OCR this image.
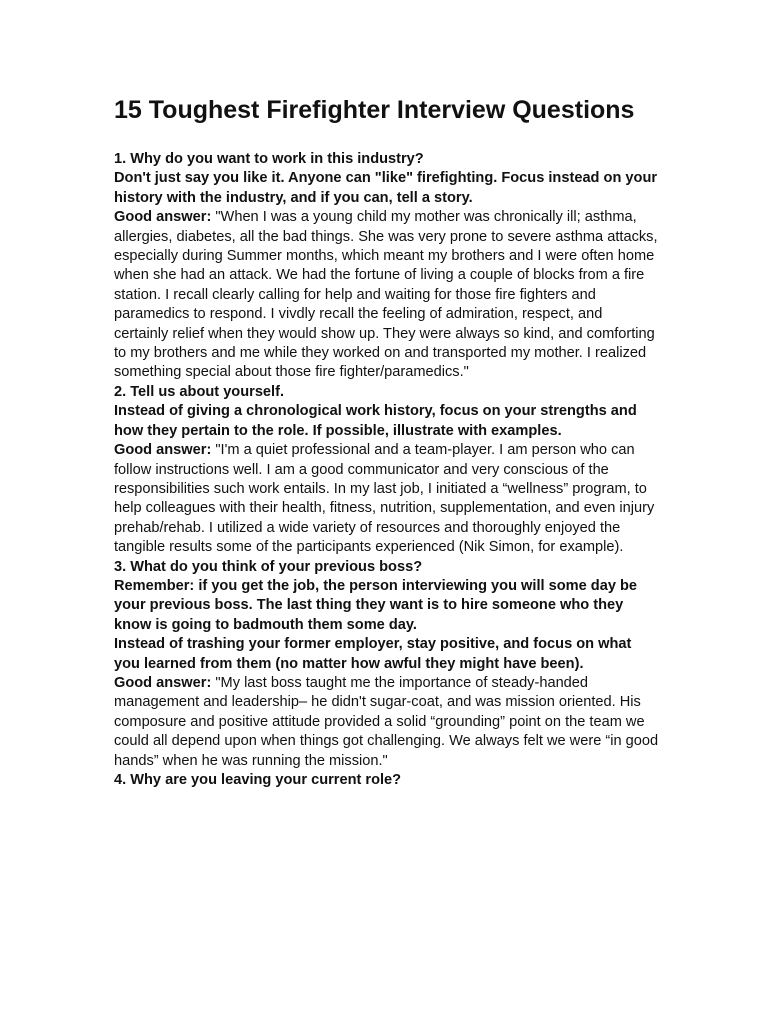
15 Toughest Firefighter Interview Questions

1. Why do you want to work in this industry?

Don't just say you like it. Anyone can "like" firefighting. Focus instead on your history with the industry, and if you can, tell a story.

Good answer: "When I was a young child my mother was chronically ill; asthma, allergies, diabetes, all the bad things. She was very prone to severe asthma attacks, especially during Summer months, which meant my brothers and I were often home when she had an attack. We had the fortune of living a couple of blocks from a fire station. I recall clearly calling for help and waiting for those fire fighters and paramedics to respond. I vivdly recall the feeling of admiration, respect, and certainly relief when they would show up. They were always so kind, and comforting to my brothers and me while they worked on and transported my mother. I realized something special about those fire fighter/paramedics."

2. Tell us about yourself.

Instead of giving a chronological work history, focus on your strengths and how they pertain to the role. If possible, illustrate with examples.

Good answer: "I'm a quiet professional and a team-player. I am person who can follow instructions well. I am a good communicator and very conscious of the responsibilities such work entails. In my last job, I initiated a “wellness” program, to help colleagues with their health, fitness, nutrition, supplementation, and even injury prehab/rehab. I utilized a wide variety of resources and thoroughly enjoyed the tangible results some of the participants experienced (Nik Simon, for example).

3. What do you think of your previous boss?

Remember: if you get the job, the person interviewing you will some day be your previous boss. The last thing they want is to hire someone who they know is going to badmouth them some day.

Instead of trashing your former employer, stay positive, and focus on what you learned from them (no matter how awful they might have been).

Good answer: "My last boss taught me the importance of steady-handed management and leadership– he didn't sugar-coat, and was mission oriented. His composure and positive attitude provided a solid “grounding” point on the team we could all depend upon when things got challenging. We always felt we were “in good hands” when he was running the mission."

4. Why are you leaving your current role?
